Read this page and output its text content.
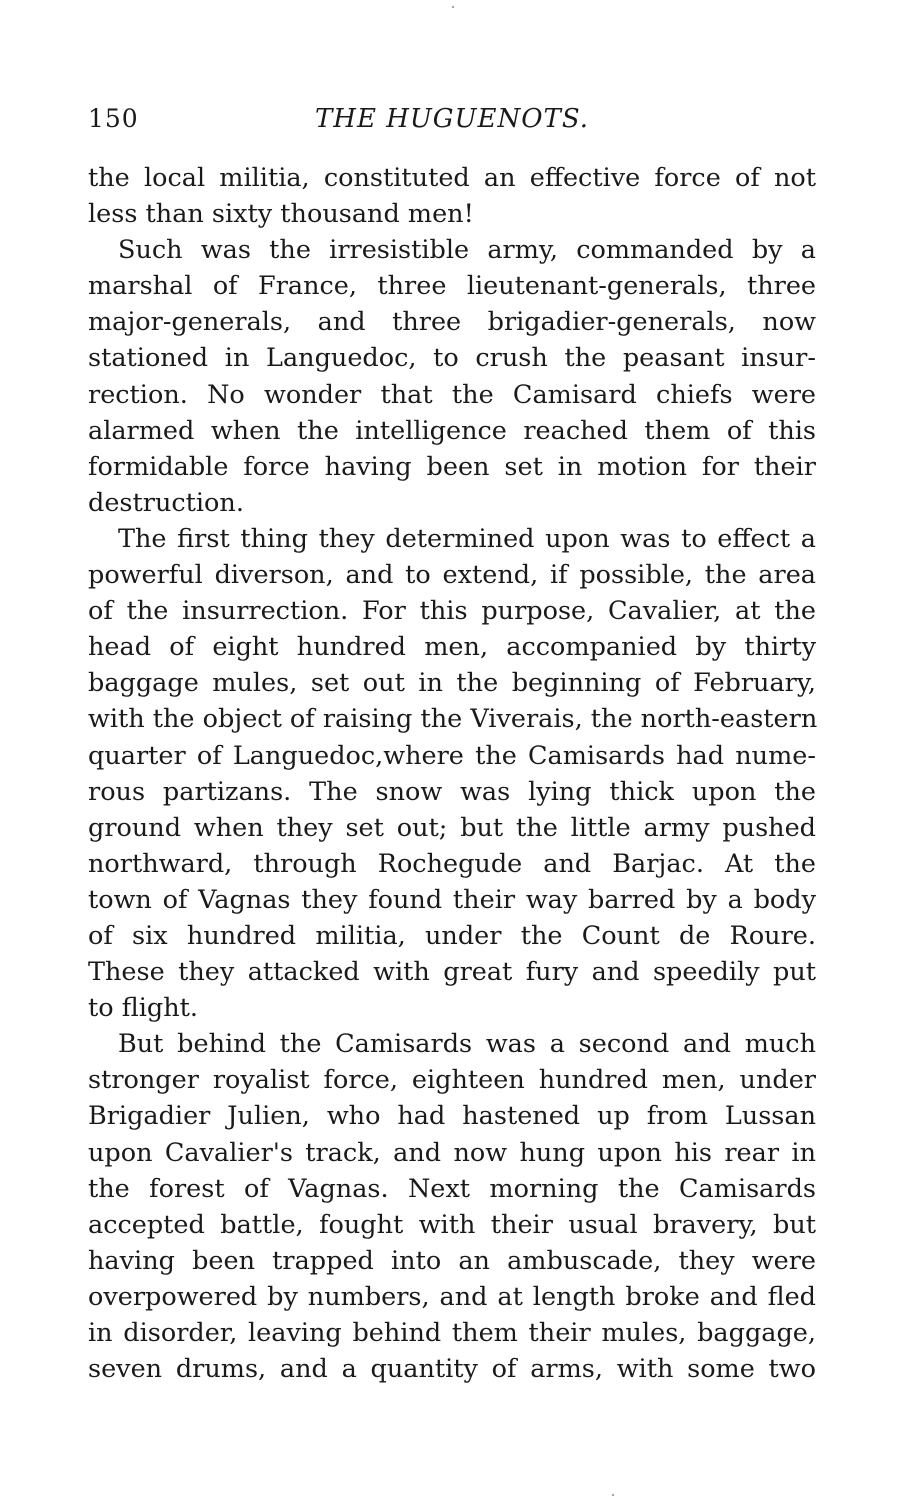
150	THE HUGUENOTS.
the local militia, constituted an effective force of not
less than sixty thousand men!
Such was the irresistible army, commanded by a
marshal of France, three lieutenant-generals, three
major-generals, and three brigadier-generals, now
stationed in Languedoc, to crush the peasant insur-
rection. No wonder that the Camisard chiefs were
alarmed when the intelligence reached them of this
formidable force having been set in motion for their
destruction.
The first thing they determined upon was to effect a
powerful diverson, and to extend, if possible, the area
of the insurrection. For this purpose, Cavalier, at the
head of eight hundred men, accompanied by thirty
baggage mules, set out in the beginning of February,
with the object of raising the Viverais, the north-eastern
quarter of Languedoc,where the Camisards had nume-
rous partizans. The snow was lying thick upon the
ground when they set out; but the little army pushed
northward, through Rochegude and Barjac. At the
town of Vagnas they found their way barred by a body
of six hundred militia, under the Count de Roure.
These they attacked with great fury and speedily put
to flight.
But behind the Camisards was a second and much
stronger royalist force, eighteen hundred men, under
Brigadier Julien, who had hastened up from Lussan
upon Cavalier's track, and now hung upon his rear in
the forest of Vagnas. Next morning the Camisards
accepted battle, fought with their usual bravery, but
having been trapped into an ambuscade, they were
overpowered by numbers, and at length broke and fled
in disorder, leaving behind them their mules, baggage,
seven drums, and a quantity of arms, with some two
